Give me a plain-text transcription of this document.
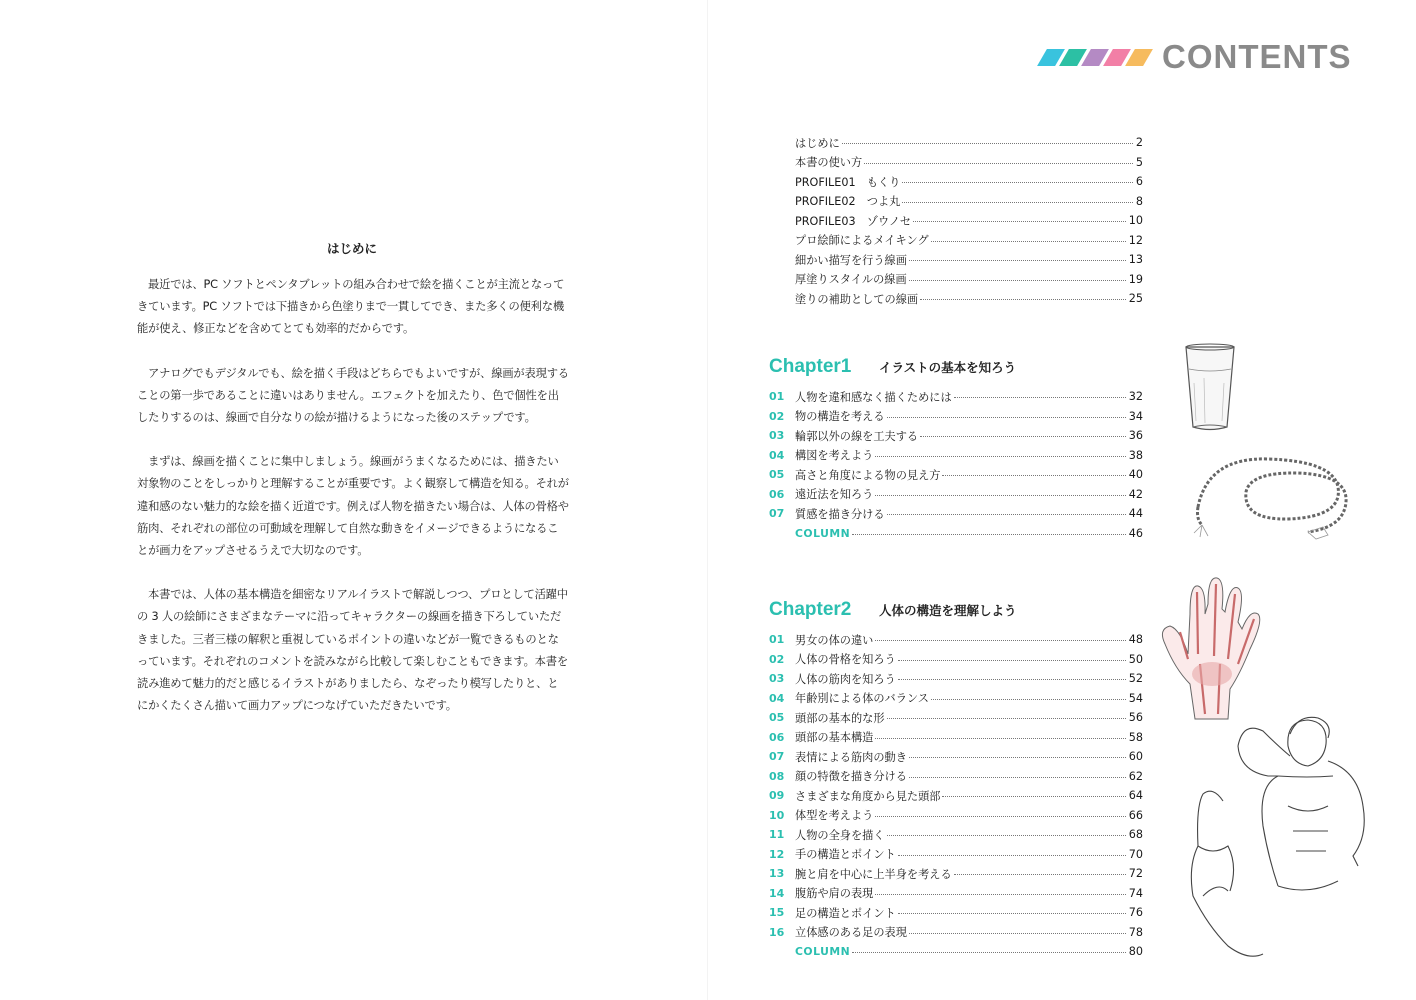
はじめに

最近では、PC ソフトとペンタブレットの組み合わせで絵を描くことが主流となってきています。PC ソフトでは下描きから色塗りまで一貫してでき、また多くの便利な機能が使え、修正などを含めてとても効率的だからです。

アナログでもデジタルでも、絵を描く手段はどちらでもよいですが、線画が表現することの第一歩であることに違いはありません。エフェクトを加えたり、色で個性を出したりするのは、線画で自分なりの絵が描けるようになった後のステップです。

まずは、線画を描くことに集中しましょう。線画がうまくなるためには、描きたい対象物のことをしっかりと理解することが重要です。よく観察して構造を知る。それが違和感のない魅力的な絵を描く近道です。例えば人物を描きたい場合は、人体の骨格や筋肉、それぞれの部位の可動域を理解して自然な動きをイメージできるようになることが画力をアップさせるうえで大切なのです。

本書では、人体の基本構造を細密なリアルイラストで解説しつつ、プロとして活躍中の 3 人の絵師にさまざまなテーマに沿ってキャラクターの線画を描き下ろしていただきました。三者三様の解釈と重視しているポイントの違いなどが一覧できるものとなっています。それぞれのコメントを読みながら比較して楽しむこともできます。本書を読み進めて魅力的だと感じるイラストがありましたら、なぞったり模写したりと、とにかくたくさん描いて画力アップにつなげていただきたいです。

CONTENTS
はじめに	2
本書の使い方	5
PROFILE01　もくり	6
PROFILE02　つよ丸	8
PROFILE03　ゾウノセ	10
プロ絵師によるメイキング	12
細かい描写を行う線画	13
厚塗りスタイルの線画	19
塗りの補助としての線画	25
Chapter1	イラストの基本を知ろう
01 人物を違和感なく描くためには	32
02 物の構造を考える	34
03 輪郭以外の線を工夫する	36
04 構図を考えよう	38
05 高さと角度による物の見え方	40
06 遠近法を知ろう	42
07 質感を描き分ける	44
COLUMN	46
Chapter2	人体の構造を理解しよう
01 男女の体の違い	48
02 人体の骨格を知ろう	50
03 人体の筋肉を知ろう	52
04 年齢別による体のバランス	54
05 頭部の基本的な形	56
06 頭部の基本構造	58
07 表情による筋肉の動き	60
08 顔の特徴を描き分ける	62
09 さまざまな角度から見た頭部	64
10 体型を考えよう	66
11 人物の全身を描く	68
12 手の構造とポイント	70
13 腕と肩を中心に上半身を考える	72
14 腹筋や肩の表現	74
15 足の構造とポイント	76
16 立体感のある足の表現	78
COLUMN	80
